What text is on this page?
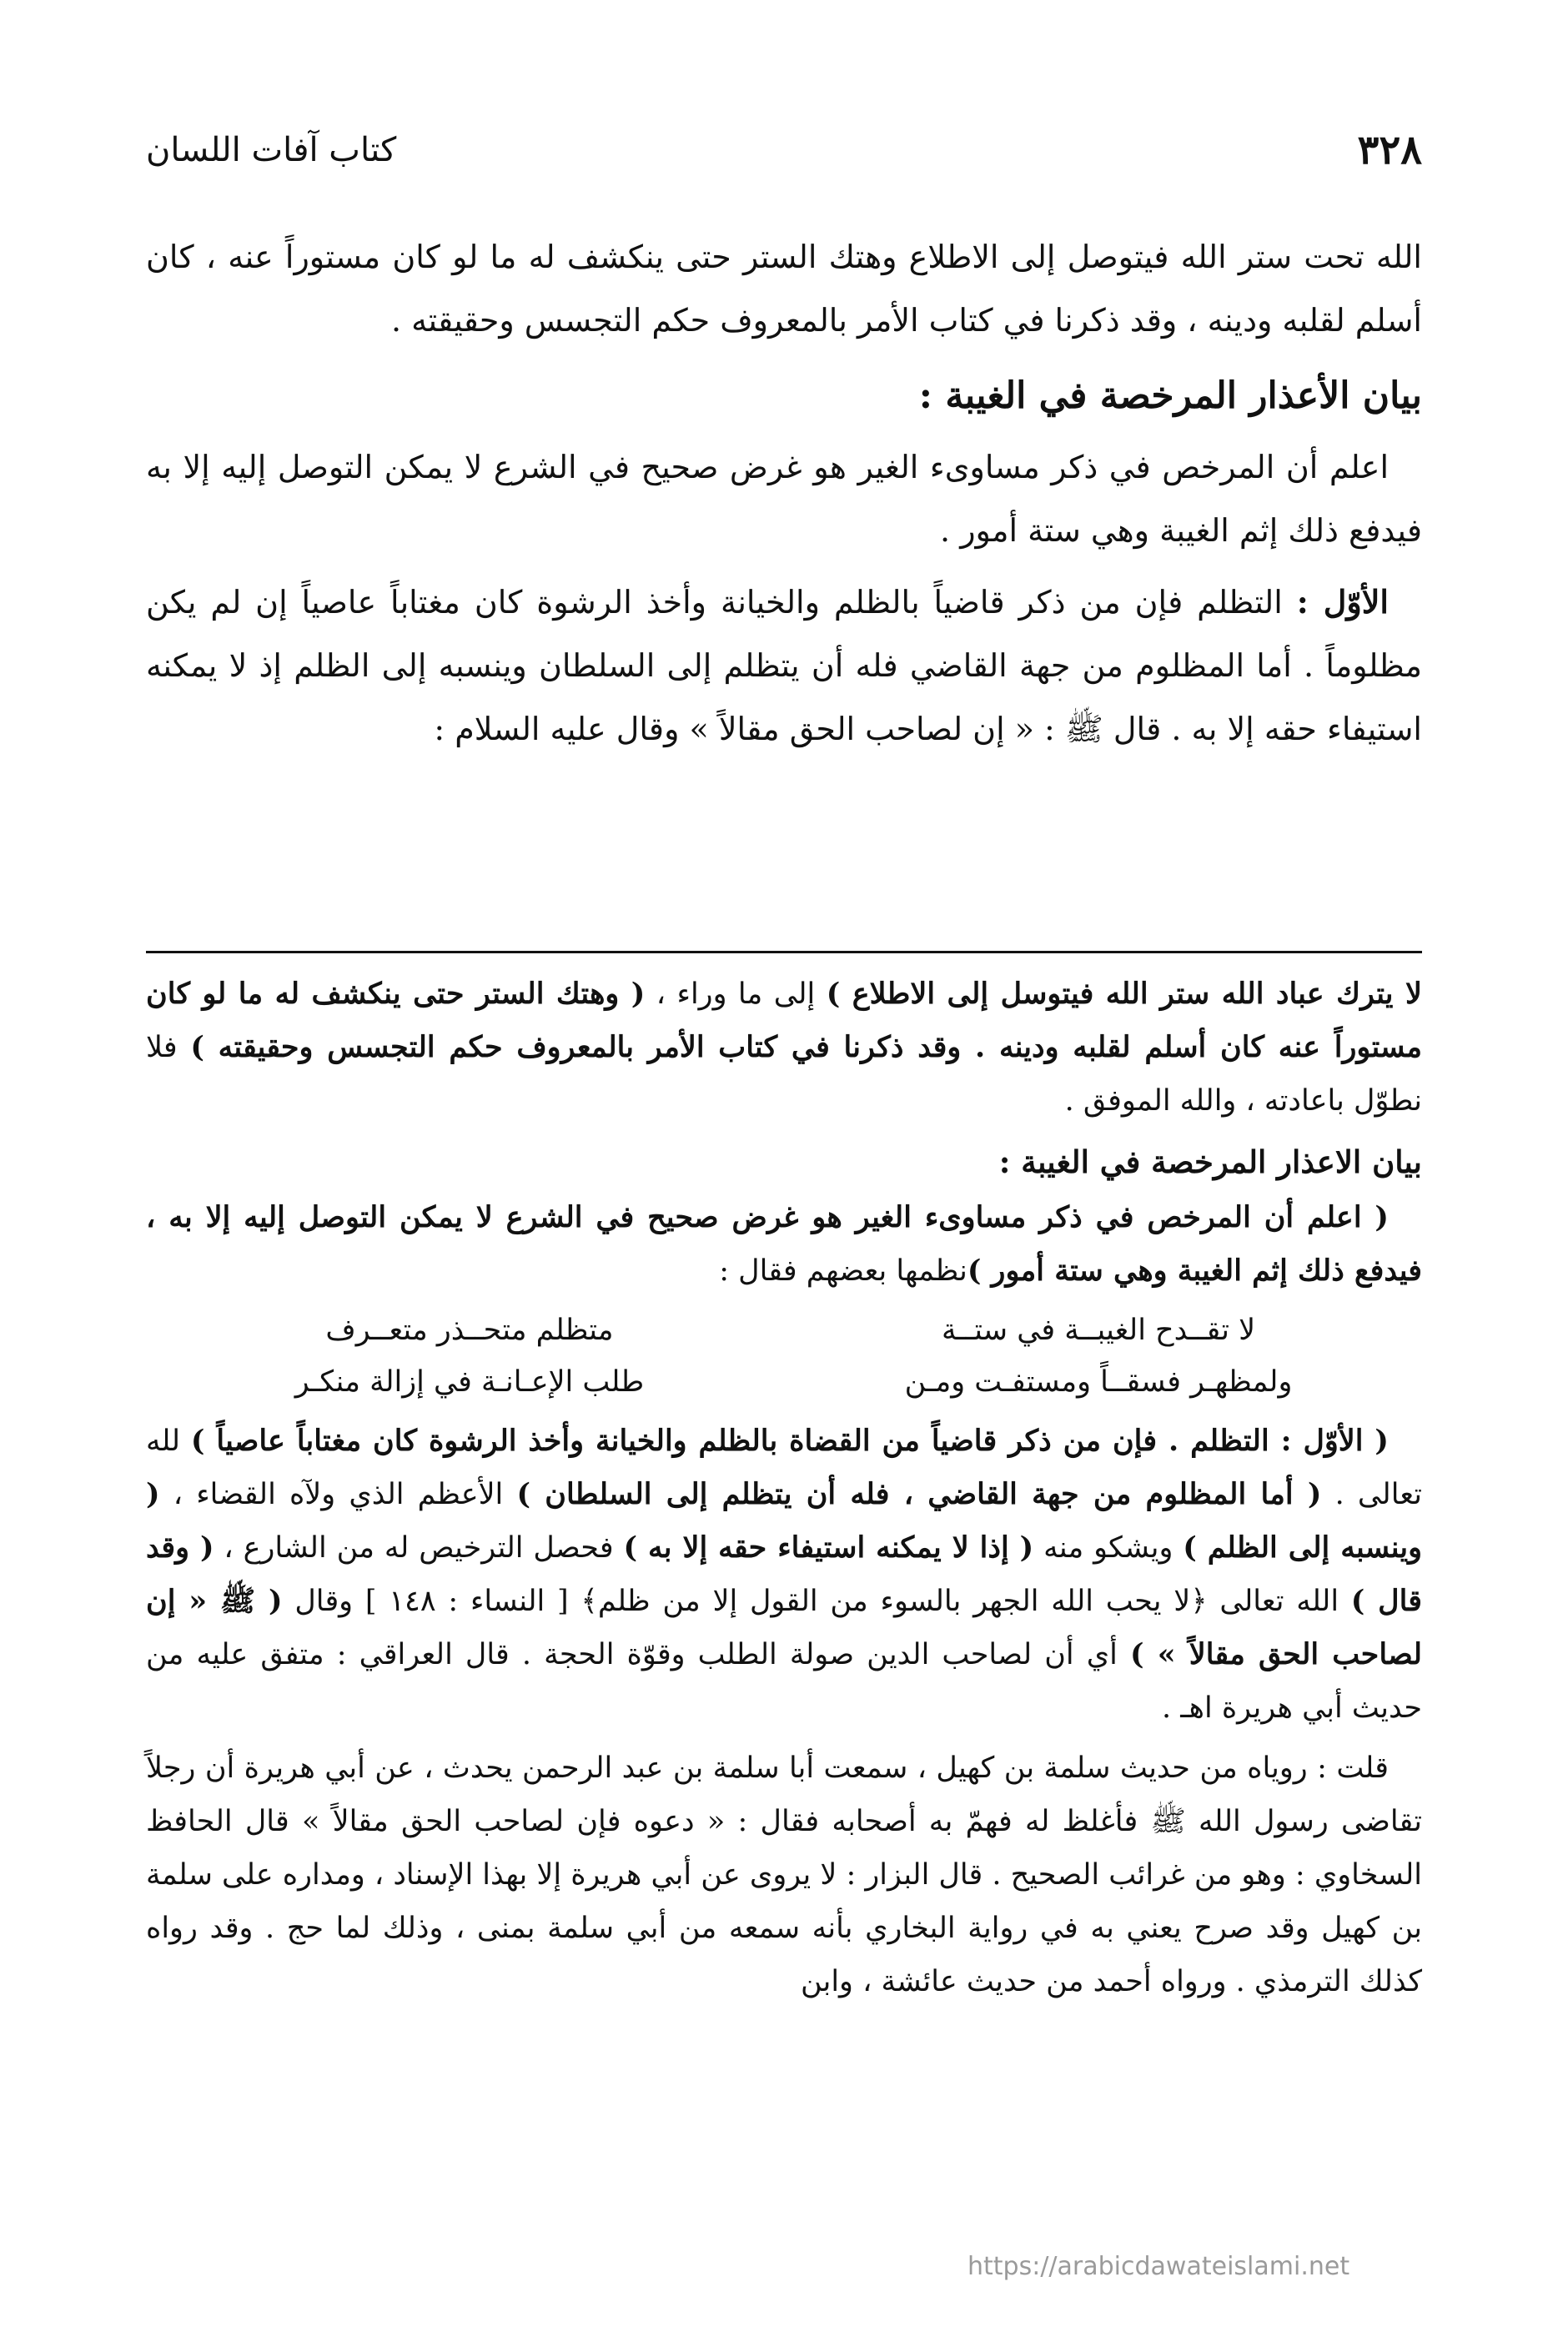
٣٢٨
كتاب آفات اللسان

الله تحت ستر الله فيتوصل إلى الاطلاع وهتك الستر حتى ينكشف له ما لو كان مستوراً عنه ، كان أسلم لقلبه ودينه ، وقد ذكرنا في كتاب الأمر بالمعروف حكم التجسس وحقيقته .

بيان الأعذار المرخصة في الغيبة :

اعلم أن المرخص في ذكر مساوىء الغير هو غرض صحيح في الشرع لا يمكن التوصل إليه إلا به فيدفع ذلك إثم الغيبة وهي ستة أمور .

الأوّل : التظلم فإن من ذكر قاضياً بالظلم والخيانة وأخذ الرشوة كان مغتاباً عاصياً إن لم يكن مظلوماً . أما المظلوم من جهة القاضي فله أن يتظلم إلى السلطان وينسبه إلى الظلم إذ لا يمكنه استيفاء حقه إلا به . قال ﷺ : « إن لصاحب الحق مقالاً » وقال عليه السلام :

لا يترك عباد الله ستر الله فيتوسل إلى الاطلاع ) إلى ما وراء ، ( وهتك الستر حتى ينكشف له ما لو كان مستوراً عنه كان أسلم لقلبه ودينه . وقد ذكرنا في كتاب الأمر بالمعروف حكم التجسس وحقيقته ) فلا نطوّل باعادته ، والله الموفق .

بيان الاعذار المرخصة في الغيبة :

( اعلم أن المرخص في ذكر مساوىء الغير هو غرض صحيح في الشرع لا يمكن التوصل إليه إلا به ، فيدفع ذلك إثم الغيبة وهي ستة أمور )نظمها بعضهم فقال :

لا تقــدح الغيبــة في ستــة
متظلم متحــذر متعــرف
ولمظهـر فسقــاً ومستفـت ومـن
طلب الإعـانـة في إزالة منكـر

( الأوّل : التظلم . فإن من ذكر قاضياً من القضاة بالظلم والخيانة وأخذ الرشوة كان مغتاباً عاصياً ) لله تعالى . ( أما المظلوم من جهة القاضي ، فله أن يتظلم إلى السلطان ) الأعظم الذي ولآه القضاء ، ( وينسبه إلى الظلم ) ويشكو منه ( إذا لا يمكنه استيفاء حقه إلا به ) فحصل الترخيص له من الشارع ، ( وقد قال ) الله تعالى ﴿لا يحب الله الجهر بالسوء من القول إلا من ظلم﴾ [ النساء : ١٤٨ ] وقال ( ﷺ « إن لصاحب الحق مقالاً » ) أي أن لصاحب الدين صولة الطلب وقوّة الحجة . قال العراقي : متفق عليه من حديث أبي هريرة اهـ .

قلت : روياه من حديث سلمة بن كهيل ، سمعت أبا سلمة بن عبد الرحمن يحدث ، عن أبي هريرة أن رجلاً تقاضى رسول الله ﷺ فأغلظ له فهمّ به أصحابه فقال : « دعوه فإن لصاحب الحق مقالاً » قال الحافظ السخاوي : وهو من غرائب الصحيح . قال البزار : لا يروى عن أبي هريرة إلا بهذا الإسناد ، ومداره على سلمة بن كهيل وقد صرح يعني به في رواية البخاري بأنه سمعه من أبي سلمة بمنى ، وذلك لما حج . وقد رواه كذلك الترمذي . ورواه أحمد من حديث عائشة ، وابن

https://arabicdawateislami.net
